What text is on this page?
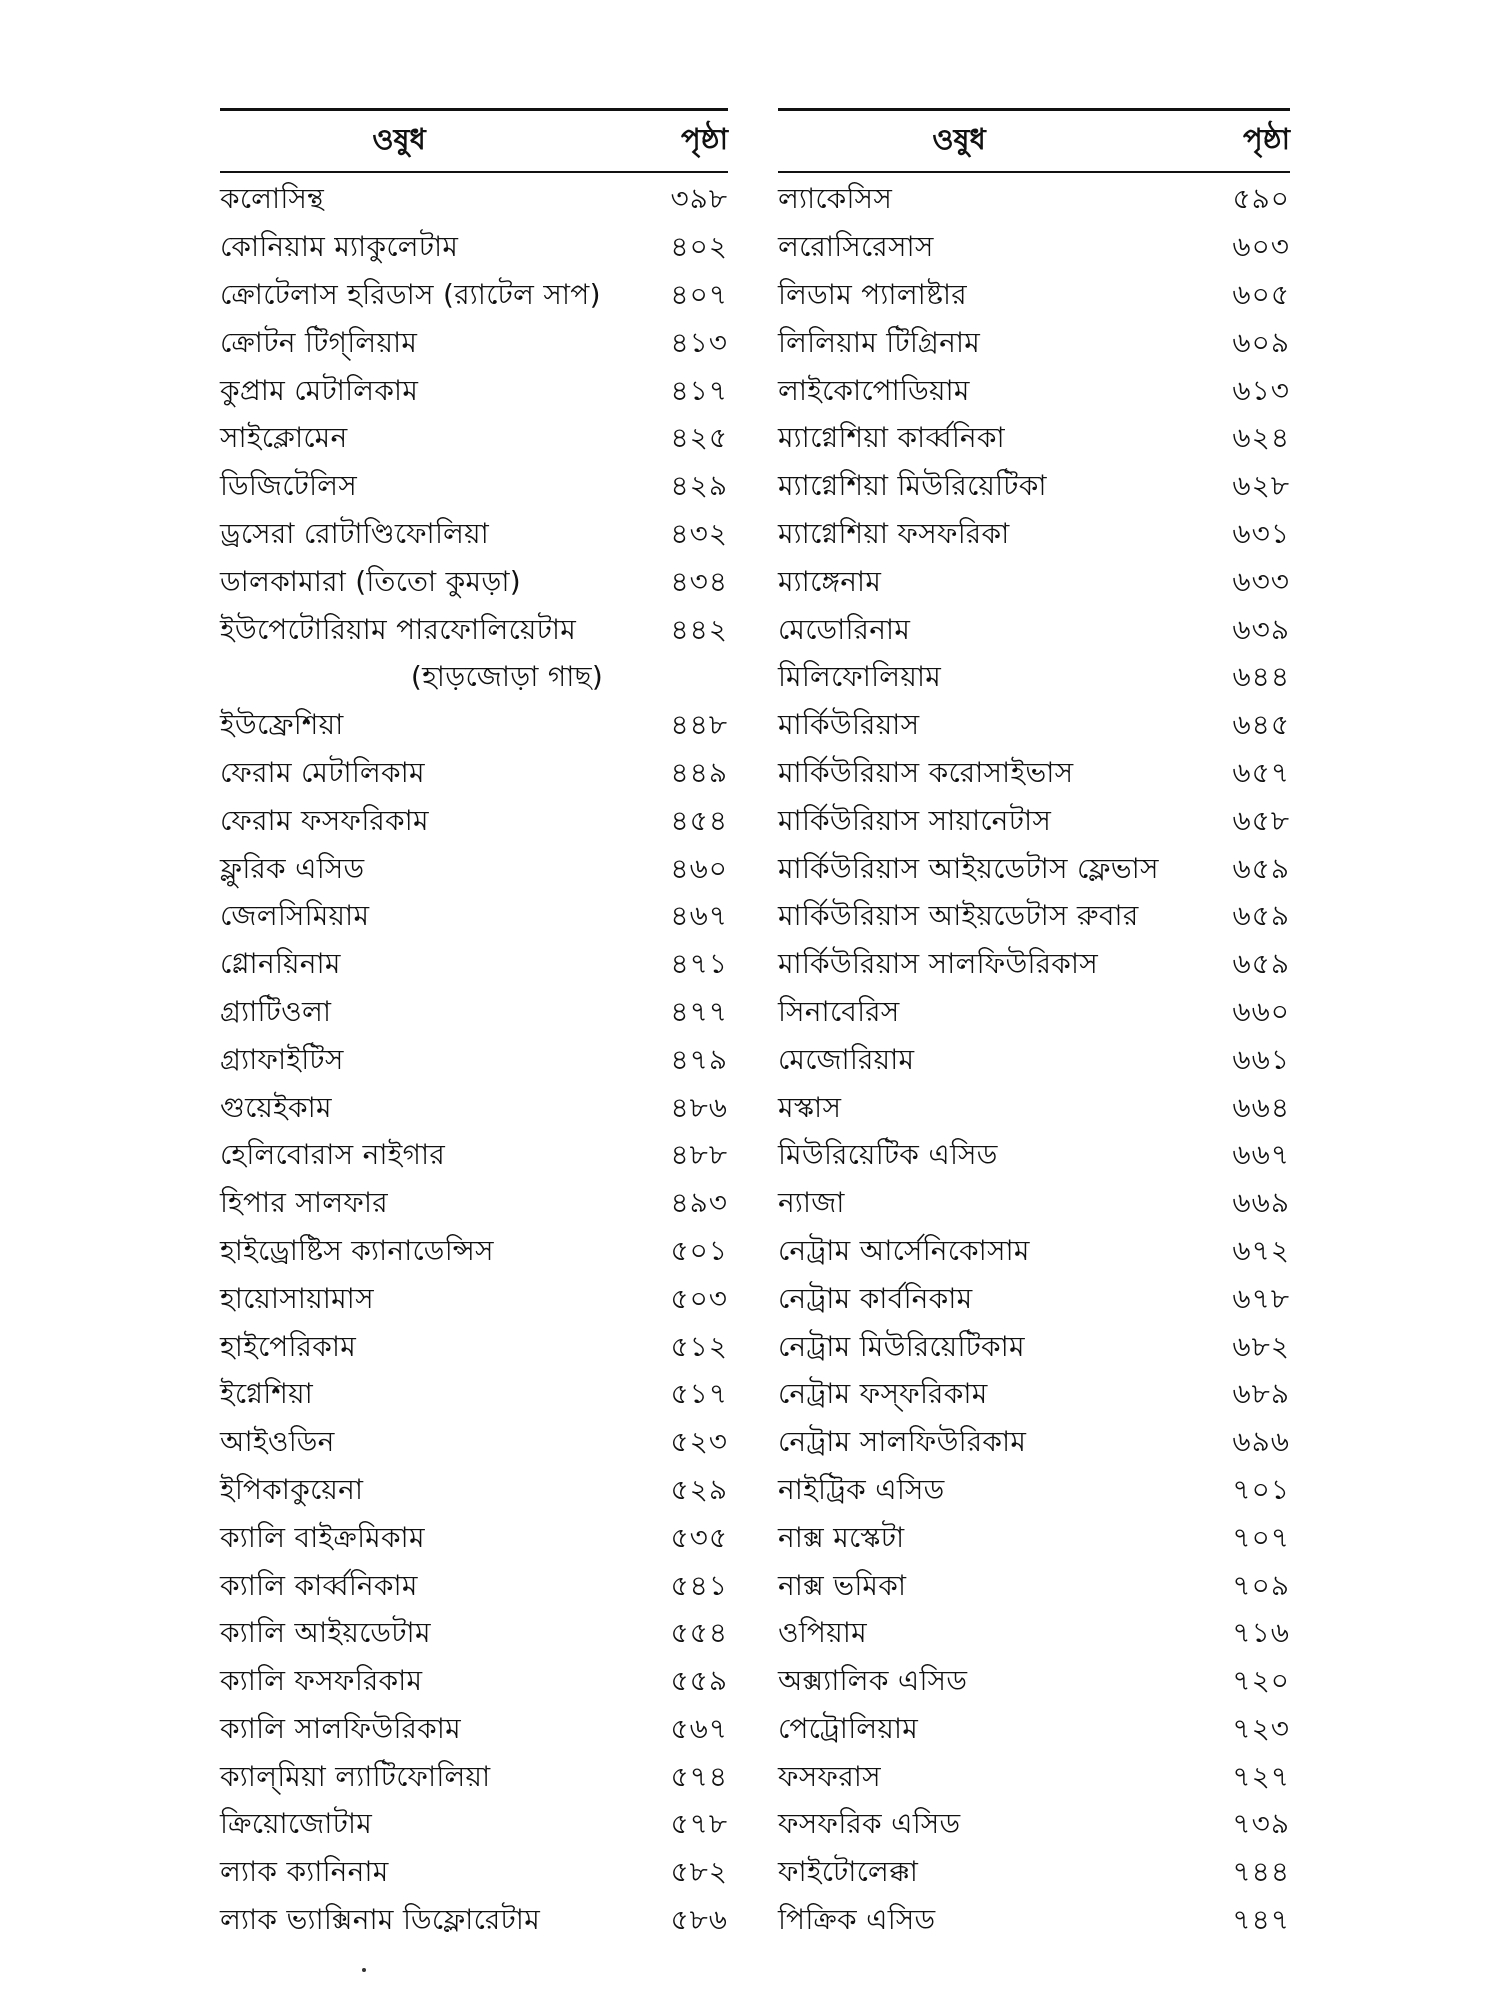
ওষুধ	পৃষ্ঠা
কলোসিন্থ	৩৯৮
কোনিয়াম ম্যাকুলেটাম	৪০২
ক্রোটেলাস হরিডাস (র‍্যাটেল সাপ)	৪০৭
ক্রোটন টিগ্‌লিয়াম	৪১৩
কুপ্রাম মেটালিকাম	৪১৭
সাইক্লোমেন	৪২৫
ডিজিটেলিস	৪২৯
ড্রসেরা রোটাণ্ডিফোলিয়া	৪৩২
ডালকামারা (তিতো কুমড়া)	৪৩৪
ইউপেটোরিয়াম পারফোলিয়েটাম	৪৪২
(হাড়জোড়া গাছ)
ইউফ্রেশিয়া	৪৪৮
ফেরাম মেটালিকাম	৪৪৯
ফেরাম ফসফরিকাম	৪৫৪
ফ্লুরিক এসিড	৪৬০
জেলসিমিয়াম	৪৬৭
গ্লোনয়িনাম	৪৭১
গ্র্যাটিওলা	৪৭৭
গ্র্যাফাইটিস	৪৭৯
গুয়েইকাম	৪৮৬
হেলিবোরাস নাইগার	৪৮৮
হিপার সালফার	৪৯৩
হাইড্রোষ্টিস ক্যানাডেন্সিস	৫০১
হায়োসায়ামাস	৫০৩
হাইপেরিকাম	৫১২
ইগ্নেশিয়া	৫১৭
আইওডিন	৫২৩
ইপিকাকুয়েনা	৫২৯
ক্যালি বাইক্রমিকাম	৫৩৫
ক্যালি কার্ব্বনিকাম	৫৪১
ক্যালি আইয়ডেটাম	৫৫৪
ক্যালি ফসফরিকাম	৫৫৯
ক্যালি সালফিউরিকাম	৫৬৭
ক্যাল্‌মিয়া ল্যাটিফোলিয়া	৫৭৪
ক্রিয়োজোটাম	৫৭৮
ল্যাক ক্যানিনাম	৫৮২
ল্যাক ভ্যাক্সিনাম ডিফ্লোরেটাম	৫৮৬
ওষুধ	পৃষ্ঠা
ল্যাকেসিস	৫৯০
লরোসিরেসাস	৬০৩
লিডাম প্যালাষ্টার	৬০৫
লিলিয়াম টিগ্রিনাম	৬০৯
লাইকোপোডিয়াম	৬১৩
ম্যাগ্নেশিয়া কার্ব্বনিকা	৬২৪
ম্যাগ্নেশিয়া মিউরিয়েটিকা	৬২৮
ম্যাগ্নেশিয়া ফসফরিকা	৬৩১
ম্যাঙ্গেনাম	৬৩৩
মেডোরিনাম	৬৩৯
মিলিফোলিয়াম	৬৪৪
মার্কিউরিয়াস	৬৪৫
মার্কিউরিয়াস করোসাইভাস	৬৫৭
মার্কিউরিয়াস সায়ানেটাস	৬৫৮
মার্কিউরিয়াস আইয়ডেটাস ফ্লেভাস	৬৫৯
মার্কিউরিয়াস আইয়ডেটাস রুবার	৬৫৯
মার্কিউরিয়াস সালফিউরিকাস	৬৫৯
সিনাবেরিস	৬৬০
মেজোরিয়াম	৬৬১
মস্কাস	৬৬৪
মিউরিয়েটিক এসিড	৬৬৭
ন্যাজা	৬৬৯
নেট্রাম আর্সেনিকোসাম	৬৭২
নেট্রাম কার্বনিকাম	৬৭৮
নেট্রাম মিউরিয়েটিকাম	৬৮২
নেট্রাম ফস্‌ফরিকাম	৬৮৯
নেট্রাম সালফিউরিকাম	৬৯৬
নাইট্রিক এসিড	৭০১
নাক্স মস্কেটা	৭০৭
নাক্স ভমিকা	৭০৯
ওপিয়াম	৭১৬
অক্স্যালিক এসিড	৭২০
পেট্রোলিয়াম	৭২৩
ফসফরাস	৭২৭
ফসফরিক এসিড	৭৩৯
ফাইটোলেক্কা	৭৪৪
পিক্রিক এসিড	৭৪৭
